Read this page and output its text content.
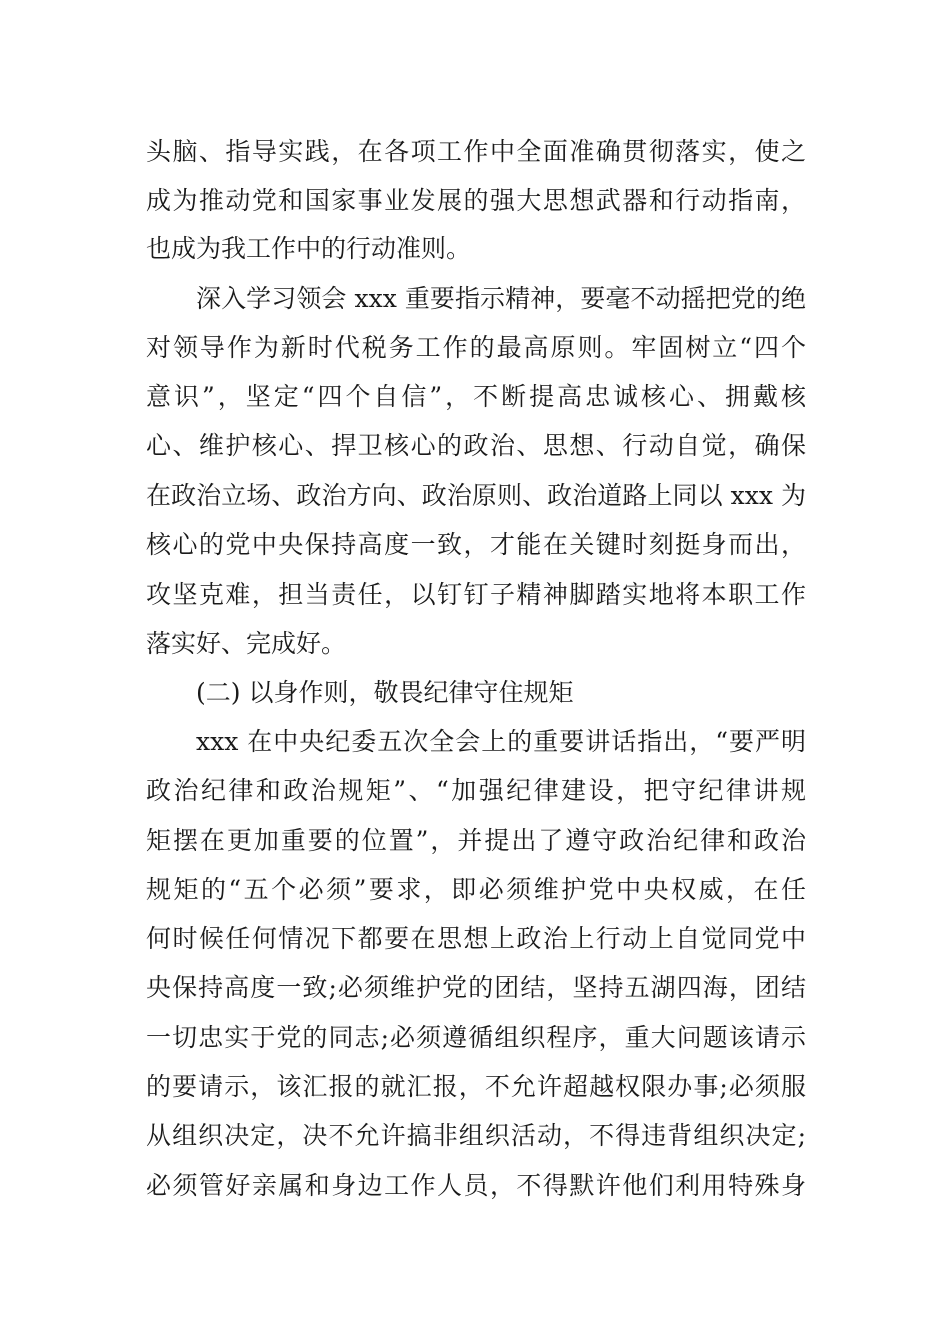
头脑、指导实践，在各项工作中全面准确贯彻落实，使之
成为推动党和国家事业发展的强大思想武器和行动指南，
也成为我工作中的行动准则。
深入学习领会 xxx 重要指示精神，要毫不动摇把党的绝
对领导作为新时代税务工作的最高原则。牢固树立“四个
意识”，坚定“四个自信”，不断提高忠诚核心、拥戴核
心、维护核心、捍卫核心的政治、思想、行动自觉，确保
在政治立场、政治方向、政治原则、政治道路上同以 xxx 为
核心的党中央保持高度一致，才能在关键时刻挺身而出，
攻坚克难，担当责任，以钉钉子精神脚踏实地将本职工作
落实好、完成好。
(二) 以身作则，敬畏纪律守住规矩
xxx 在中央纪委五次全会上的重要讲话指出，“要严明
政治纪律和政治规矩”、“加强纪律建设，把守纪律讲规
矩摆在更加重要的位置”，并提出了遵守政治纪律和政治
规矩的“五个必须”要求，即必须维护党中央权威，在任
何时候任何情况下都要在思想上政治上行动上自觉同党中
央保持高度一致;必须维护党的团结，坚持五湖四海，团结
一切忠实于党的同志;必须遵循组织程序，重大问题该请示
的要请示，该汇报的就汇报，不允许超越权限办事;必须服
从组织决定，决不允许搞非组织活动，不得违背组织决定;
必须管好亲属和身边工作人员，不得默许他们利用特殊身
